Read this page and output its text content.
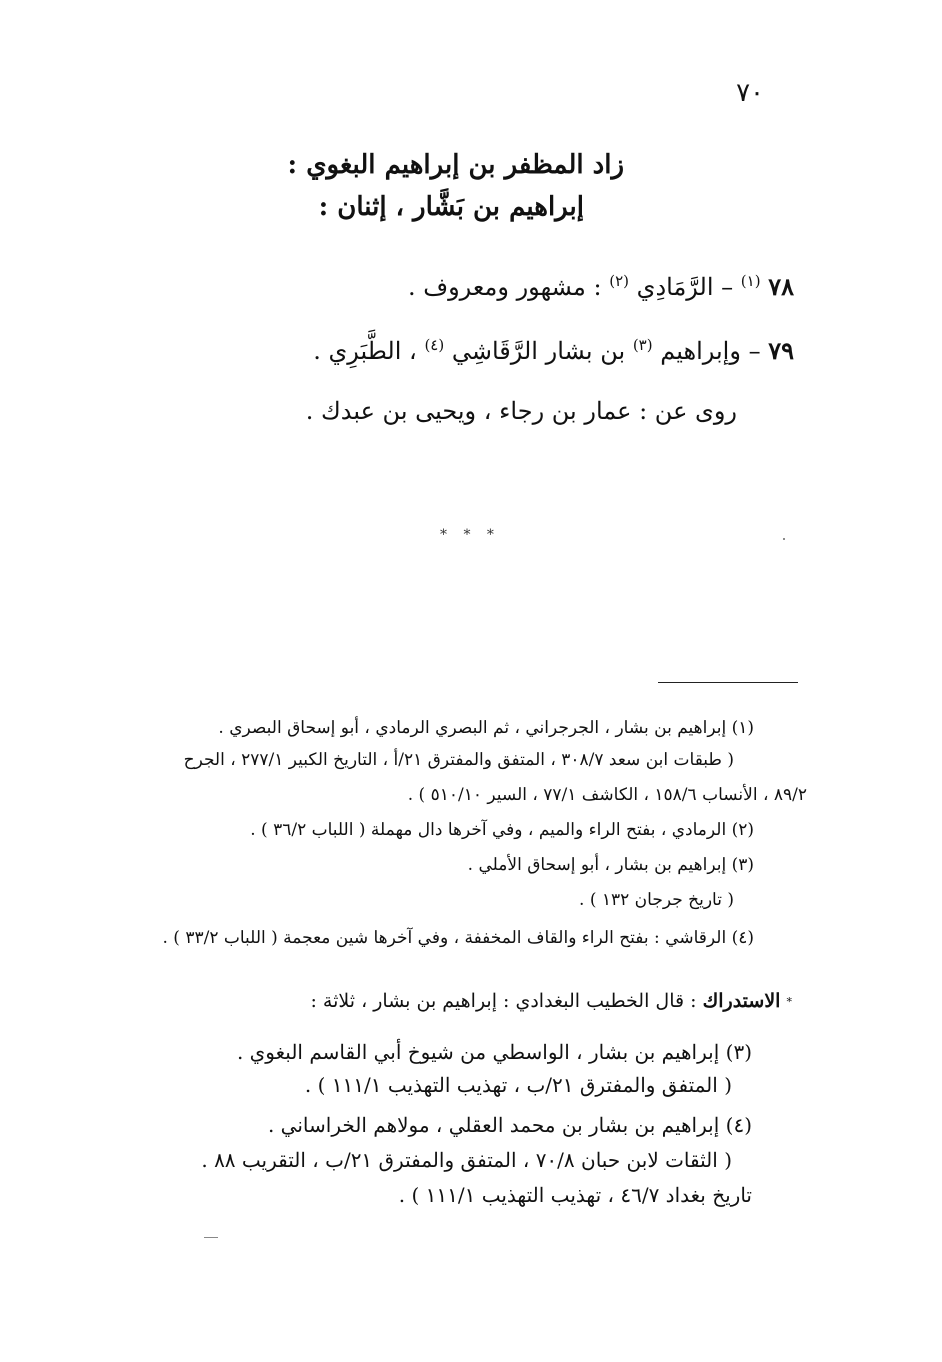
٧٠
زاد المظفر بن إبراهيم البغوي :
إبراهيم بن بَشَّار ، إثنان :
٧٨ $^{(١)}$ – الرَّمَادِي $^{(٢)}$ : مشهور ومعروف .
٧٩ – وإبراهيم $^{(٣)}$ بن بشار الرَّقَاشِي $^{(٤)}$ ، الطَّبَرِي .
روى عن : عمار بن رجاء ، ويحيى بن عبدك .
* * *
(١) إبراهيم بن بشار ، الجرجراني ، ثم البصري الرمادي ، أبو إسحاق البصري .
( طبقات ابن سعد ٣٠٨/٧ ، المتفق والمفترق ٢١/أ ، التاريخ الكبير ٢٧٧/١ ، الجرح
٨٩/٢ ، الأنساب ١٥٨/٦ ، الكاشف ٧٧/١ ، السير ٥١٠/١٠ ) .
(٢) الرمادي ، بفتح الراء والميم ، وفي آخرها دال مهملة ( اللباب ٣٦/٢ ) .
(٣) إبراهيم بن بشار ، أبو إسحاق الأملي .
( تاريخ جرجان ١٣٢ ) .
(٤) الرقاشي : بفتح الراء والقاف المخففة ، وفي آخرها شين معجمة ( اللباب ٣٣/٢ ) .
* الاستدراك : قال الخطيب البغدادي : إبراهيم بن بشار ، ثلاثة :
(٣) إبراهيم بن بشار ، الواسطي من شيوخ أبي القاسم البغوي .
( المتفق والمفترق ٢١/ب ، تهذيب التهذيب ١١١/١ ) .
(٤) إبراهيم بن بشار بن محمد العقلي ، مولاهم الخراساني .
( الثقات لابن حبان ٧٠/٨ ، المتفق والمفترق ٢١/ب ، التقريب ٨٨ .
تاريخ بغداد ٤٦/٧ ، تهذيب التهذيب ١١١/١ ) .
